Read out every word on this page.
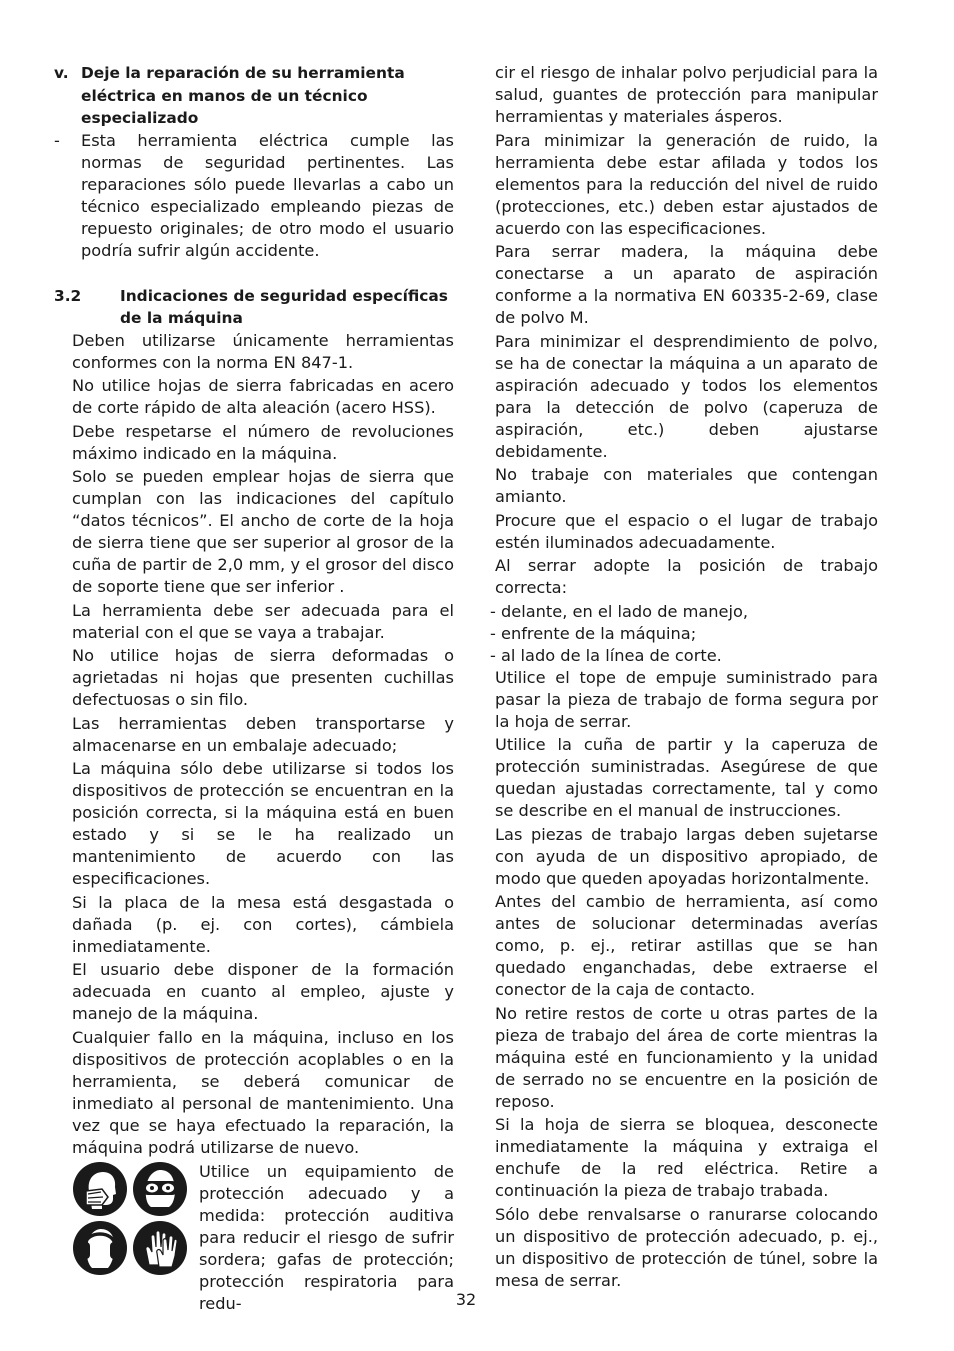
v. Deje la reparación de su herramienta eléctrica en manos de un técnico especializado
-	Esta herramienta eléctrica cumple las normas de seguridad pertinentes. Las reparaciones sólo puede llevarlas a cabo un técnico especializado empleando piezas de repuesto originales; de otro modo el usuario podría sufrir algún accidente.

3.2	Indicaciones de seguridad específicas de la máquina

Deben utilizarse únicamente herramientas conformes con la norma EN 847-1.

No utilice hojas de sierra fabricadas en acero de corte rápido de alta aleación (acero HSS).

Debe respetarse el número de revoluciones máximo indicado en la máquina.

Solo se pueden emplear hojas de sierra que cumplan con las indicaciones del capítulo “datos técnicos”. El ancho de corte de la hoja de sierra tiene que ser superior al grosor de la cuña de partir de 2,0 mm, y el grosor del disco de soporte tiene que ser inferior .

La herramienta debe ser adecuada para el material con el que se vaya a trabajar.

No utilice hojas de sierra deformadas o agrietadas ni hojas que presenten cuchillas defectuosas o sin filo.

Las herramientas deben transportarse y almacenarse en un embalaje adecuado;

La máquina sólo debe utilizarse si todos los dispositivos de protección se encuentran en la posición correcta, si la máquina está en buen estado y si se le ha realizado un mantenimiento de acuerdo con las especificaciones.

Si la placa de la mesa está desgastada o dañada (p. ej. con cortes), cámbiela inmediatamente.

El usuario debe disponer de la formación adecuada en cuanto al empleo, ajuste y manejo de la máquina.

Cualquier fallo en la máquina, incluso en los dispositivos de protección acoplables o en la herramienta, se deberá comunicar de inmediato al personal de mantenimiento. Una vez que se haya efectuado la reparación, la máquina podrá utilizarse de nuevo.

Utilice un equipamiento de protección adecuado y a medida: protección auditiva para reducir el riesgo de sufrir sordera; gafas de protección; protección respiratoria para redu-

cir el riesgo de inhalar polvo perjudicial para la salud, guantes de protección para manipular herramientas y materiales ásperos.

Para minimizar la generación de ruido, la herramienta debe estar afilada y todos los elementos para la reducción del nivel de ruido (protecciones, etc.) deben estar ajustados de acuerdo con las especificaciones.

Para serrar madera, la máquina debe conectarse a un aparato de aspiración conforme a la normativa EN 60335-2-69, clase de polvo M.

Para minimizar el desprendimiento de polvo, se ha de conectar la máquina a un aparato de aspiración adecuado y todos los elementos para la detección de polvo (caperuza de aspiración, etc.) deben ajustarse debidamente.

No trabaje con materiales que contengan amianto.

Procure que el espacio o el lugar de trabajo estén iluminados adecuadamente.

Al serrar adopte la posición de trabajo correcta:

- delante, en el lado de manejo,

- enfrente de la máquina;

- al lado de la línea de corte.

Utilice el tope de empuje suministrado para pasar la pieza de trabajo de forma segura por la hoja de serrar.

Utilice la cuña de partir y la caperuza de protección suministradas. Asegúrese de que quedan ajustadas correctamente, tal y como se describe en el manual de instrucciones.

Las piezas de trabajo largas deben sujetarse con ayuda de un dispositivo apropiado, de modo que queden apoyadas horizontalmente.

Antes del cambio de herramienta, así como antes de solucionar determinadas averías como, p. ej., retirar astillas que se han quedado enganchadas, debe extraerse el conector de la caja de contacto.

No retire restos de corte u otras partes de la pieza de trabajo del área de corte mientras la máquina esté en funcionamiento y la unidad de serrado no se encuentre en la posición de reposo.

Si la hoja de sierra se bloquea, desconecte inmediatamente la máquina y extraiga el enchufe de la red eléctrica. Retire a continuación la pieza de trabajo trabada.

Sólo debe renvalsarse o ranurarse colocando un dispositivo de protección adecuado, p. ej., un dispositivo de protección de túnel, sobre la mesa de serrar.

32
